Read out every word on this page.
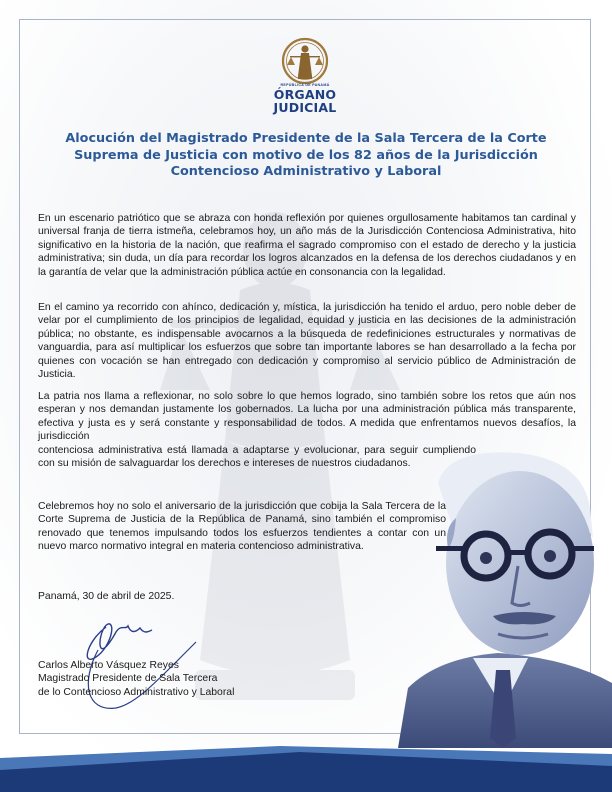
REPÚBLICA DE PANAMÁ
ÓRGANO
JUDICIAL
Alocución del Magistrado Presidente de la Sala Tercera de la Corte Suprema de Justicia con motivo de los 82 años de la Jurisdicción Contencioso Administrativo y Laboral

En un escenario patriótico que se abraza con honda reflexión por quienes orgullosamente habitamos tan cardinal y universal franja de tierra istmeña, celebramos hoy, un año más de la Jurisdicción Contenciosa Administrativa, hito significativo en la historia de la nación, que reafirma el sagrado compromiso con el estado de derecho y la justicia administrativa; sin duda, un día para recordar los logros alcanzados en la defensa de los derechos ciudadanos y en la garantía de velar que la administración pública actúe en consonancia con la legalidad.

En el camino ya recorrido con ahínco, dedicación y, mística, la jurisdicción ha tenido el arduo, pero noble deber de velar por el cumplimiento de los principios de legalidad, equidad y justicia en las decisiones de la administración pública; no obstante, es indispensable avocarnos a la búsqueda de redefiniciones estructurales y normativas de vanguardia, para así multiplicar los esfuerzos que sobre tan importante labores se han desarrollado a la fecha por quienes con vocación se han entregado con dedicación y compromiso al servicio público de Administración de Justicia.

La patria nos llama a reflexionar, no solo sobre lo que hemos logrado, sino también sobre los retos que aún nos esperan y nos demandan justamente los gobernados. La lucha por una administración pública más transparente, efectiva y justa es y será constante y responsabilidad de todos. A medida que enfrentamos nuevos desafíos, la jurisdicción
contenciosa administrativa está llamada a adaptarse y evolucionar, para seguir cumpliendo con su misión de salvaguardar los derechos e intereses de nuestros ciudadanos.

Celebremos hoy no solo el aniversario de la jurisdicción que cobija la Sala Tercera de la Corte Suprema de Justicia de la República de Panamá, sino también el compromiso renovado que tenemos impulsando todos los esfuerzos tendientes a contar con un nuevo marco normativo integral en materia contencioso administrativa.

Panamá, 30 de abril de 2025.
Carlos Alberto Vásquez Reyes
Magistrado Presidente de Sala Tercera
de lo Contencioso Administrativo y Laboral
